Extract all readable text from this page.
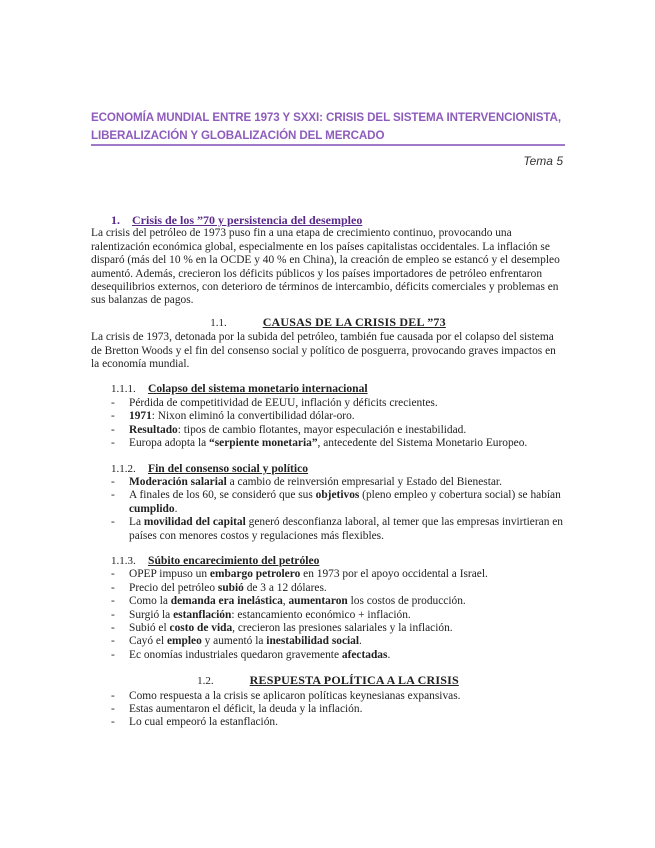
ECONOMÍA MUNDIAL ENTRE 1973 Y SXXI: CRISIS DEL SISTEMA INTERVENCIONISTA, LIBERALIZACIÓN Y GLOBALIZACIÓN DEL MERCADO
Tema 5

1. Crisis de los ”70 y persistencia del desempleo

La crisis del petróleo de 1973 puso fin a una etapa de crecimiento continuo, provocando una ralentización económica global, especialmente en los países capitalistas occidentales. La inflación se disparó (más del 10 % en la OCDE y 40 % en China), la creación de empleo se estancó y el desempleo aumentó. Además, crecieron los déficits públicos y los países importadores de petróleo enfrentaron desequilibrios externos, con deterioro de términos de intercambio, déficits comerciales y problemas en sus balanzas de pagos.

1.1.	CAUSAS DE LA CRISIS DEL ”73

La crisis de 1973, detonada por la subida del petróleo, también fue causada por el colapso del sistema de Bretton Woods y el fin del consenso social y político de posguerra, provocando graves impactos en la economía mundial.

1.1.1. Colapso del sistema monetario internacional

- Pérdida de competitividad de EEUU, inflación y déficits crecientes.
- 1971: Nixon eliminó la convertibilidad dólar-oro.
- Resultado: tipos de cambio flotantes, mayor especulación e inestabilidad.
- Europa adopta la “serpiente monetaria”, antecedente del Sistema Monetario Europeo.

1.1.2. Fin del consenso social y político

- Moderación salarial a cambio de reinversión empresarial y Estado del Bienestar.
- A finales de los 60, se consideró que sus objetivos (pleno empleo y cobertura social) se habían cumplido.
- La movilidad del capital generó desconfianza laboral, al temer que las empresas invirtieran en países con menores costos y regulaciones más flexibles.

1.1.3. Súbito encarecimiento del petróleo

- OPEP impuso un embargo petrolero en 1973 por el apoyo occidental a Israel.
- Precio del petróleo subió de 3 a 12 dólares.
- Como la demanda era inelástica, aumentaron los costos de producción.
- Surgió la estanflación: estancamiento económico + inflación.
- Subió el costo de vida, crecieron las presiones salariales y la inflación.
- Cayó el empleo y aumentó la inestabilidad social.
- Ec onomías industriales quedaron gravemente afectadas.

1.2.	RESPUESTA POLÍTICA A LA CRISIS

- Como respuesta a la crisis se aplicaron políticas keynesianas expansivas.
- Estas aumentaron el déficit, la deuda y la inflación.
- Lo cual empeoró la estanflación.
